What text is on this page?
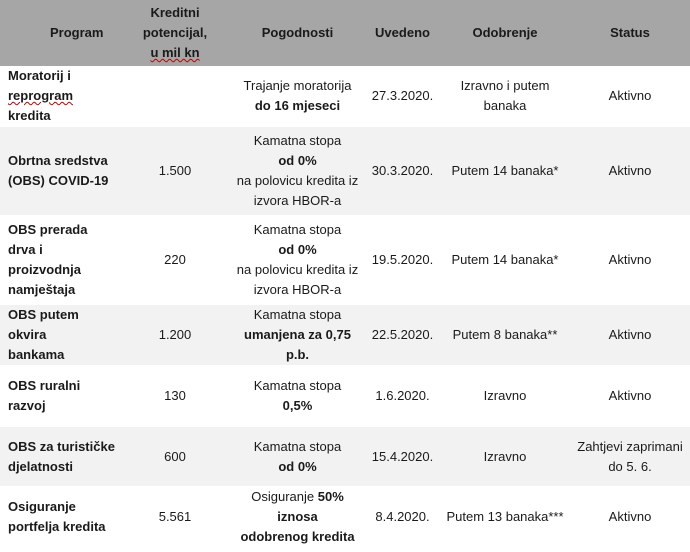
Program	Kreditni
potencijal,
u mil kn	Pogodnosti	Uvedeno	Odobrenje	Status

Moratorij i
reprogram kredita		Trajanje moratorija
do 16 mjeseci	27.3.2020.	Izravno i putem banaka	Aktivno

Obrtna sredstva
(OBS) COVID-19	1.500	Kamatna stopa
od 0%
na polovicu kredita iz izvora HBOR-a	30.3.2020.	Putem 14 banaka*	Aktivno

OBS prerada drva i
proizvodnja
namještaja	220	Kamatna stopa
od 0%
na polovicu kredita iz izvora HBOR-a	19.5.2020.	Putem 14 banaka*	Aktivno

OBS putem okvira
bankama	1.200	Kamatna stopa
umanjena za 0,75 p.b.	22.5.2020.	Putem 8 banaka**	Aktivno

OBS ruralni razvoj	130	Kamatna stopa
0,5%	1.6.2020.	Izravno	Aktivno

OBS za turističke
djelatnosti	600	Kamatna stopa
od 0%	15.4.2020.	Izravno	Zahtjevi zaprimani do 5. 6.

Osiguranje
portfelja kredita	5.561	Osiguranje 50% iznosa
odobrenog kredita	8.4.2020.	Putem 13 banaka***	Aktivno
